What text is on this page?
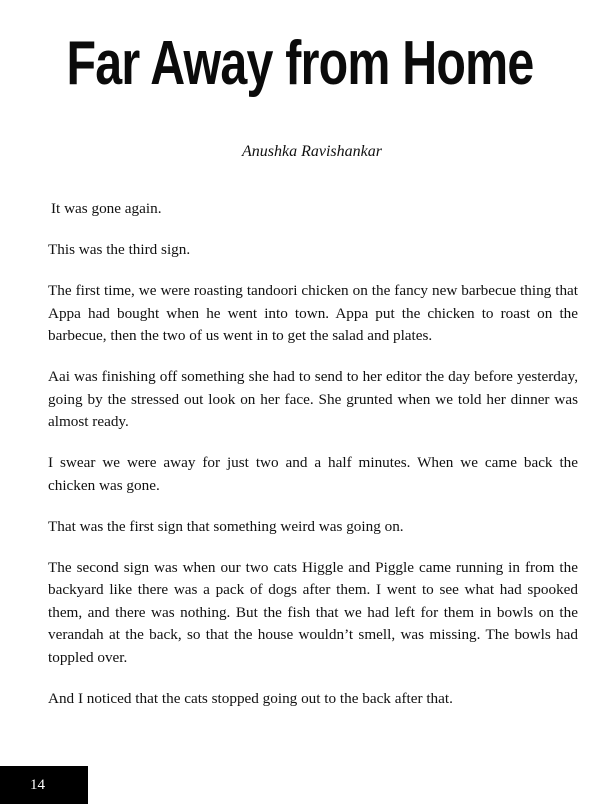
Far Away from Home
Anushka Ravishankar

It was gone again.

This was the third sign.

The first time, we were roasting tandoori chicken on the fancy new barbecue thing that Appa had bought when he went into town. Appa put the chicken to roast on the barbecue, then the two of us went in to get the salad and plates.

Aai was finishing off something she had to send to her editor the day before yesterday, going by the stressed out look on her face. She grunted when we told her dinner was almost ready.

I swear we were away for just two and a half minutes. When we came back the chicken was gone.

That was the first sign that something weird was going on.

The second sign was when our two cats Higgle and Piggle came running in from the backyard like there was a pack of dogs after them. I went to see what had spooked them, and there was nothing. But the fish that we had left for them in bowls on the verandah at the back, so that the house wouldn’t smell, was missing. The bowls had toppled over.

And I noticed that the cats stopped going out to the back after that.

14
